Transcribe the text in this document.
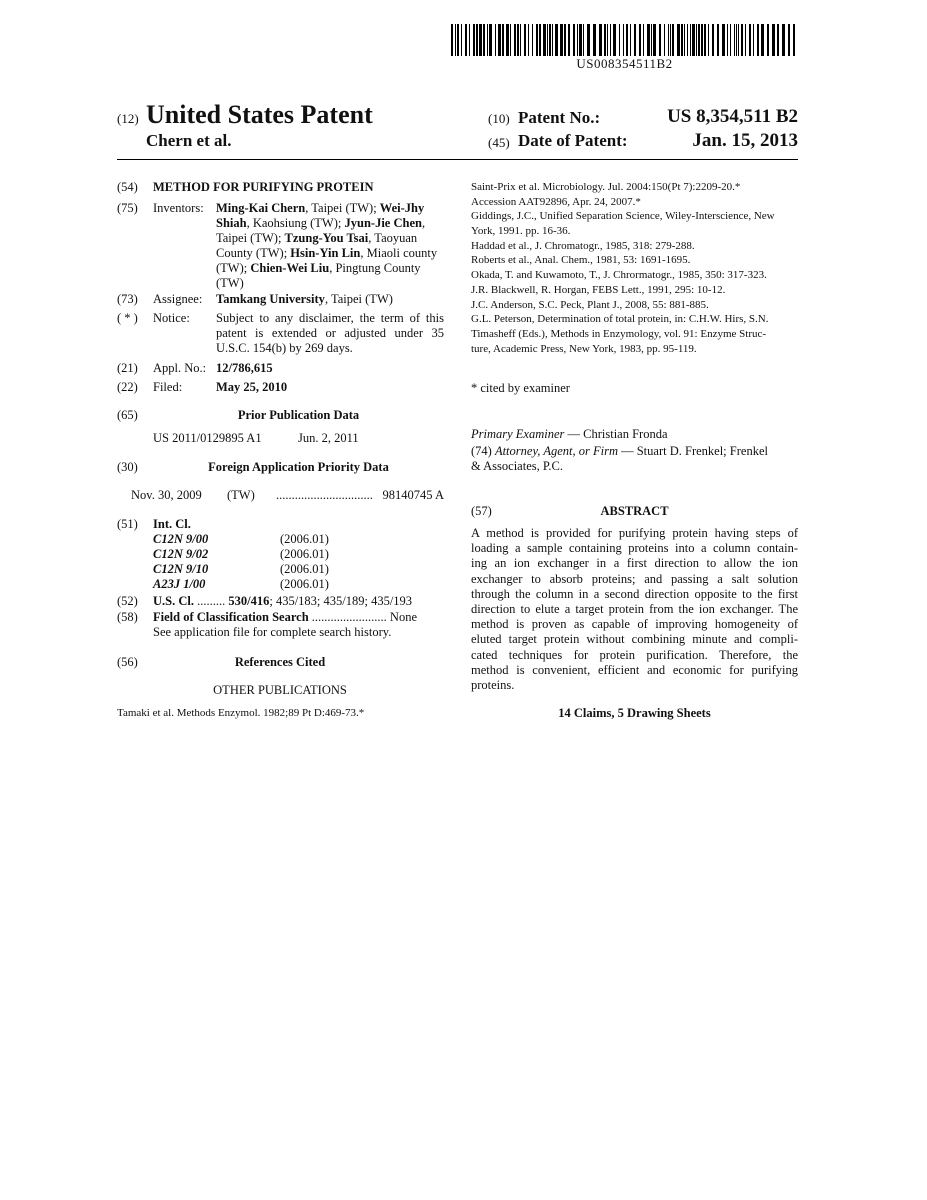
US008354511B2
(12) United States Patent
Chern et al.
(10) Patent No.:	US 8,354,511 B2
(45) Date of Patent:	Jan. 15, 2013
(54) METHOD FOR PURIFYING PROTEIN
(75) Inventors: Ming-Kai Chern, Taipei (TW); Wei-Jhy Shiah, Kaohsiung (TW); Jyun-Jie Chen, Taipei (TW); Tzung-You Tsai, Taoyuan County (TW); Hsin-Yin Lin, Miaoli county (TW); Chien-Wei Liu, Pingtung County (TW)
(73) Assignee: Tamkang University, Taipei (TW)
( * ) Notice: Subject to any disclaimer, the term of this patent is extended or adjusted under 35 U.S.C. 154(b) by 269 days.
(21) Appl. No.: 12/786,615
(22) Filed:	May 25, 2010
(65)	Prior Publication Data
US 2011/0129895 A1	Jun. 2, 2011
(30)	Foreign Application Priority Data
Nov. 30, 2009 (TW) ............................... 98140745 A
(51) Int. Cl.
C12N 9/00	(2006.01)
C12N 9/02	(2006.01)
C12N 9/10	(2006.01)
A23J 1/00	(2006.01)
(52) U.S. Cl. ......... 530/416; 435/183; 435/189; 435/193
(58) Field of Classification Search ........................ None
See application file for complete search history.
(56)	References Cited
OTHER PUBLICATIONS
Tamaki et al. Methods Enzymol. 1982;89 Pt D:469-73.*
Saint-Prix et al. Microbiology. Jul. 2004:150(Pt 7):2209-20.*
Accession AAT92896, Apr. 24, 2007.*
Giddings, J.C., Unified Separation Science, Wiley-Interscience, New
York, 1991. pp. 16-36.
Haddad et al., J. Chromatogr., 1985, 318: 279-288.
Roberts et al., Anal. Chem., 1981, 53: 1691-1695.
Okada, T. and Kuwamoto, T., J. Chrormatogr., 1985, 350: 317-323.
J.R. Blackwell, R. Horgan, FEBS Lett., 1991, 295: 10-12.
J.C. Anderson, S.C. Peck, Plant J., 2008, 55: 881-885.
G.L. Peterson, Determination of total protein, in: C.H.W. Hirs, S.N.
Timasheff (Eds.), Methods in Enzymology, vol. 91: Enzyme Struc-
ture, Academic Press, New York, 1983, pp. 95-119.
* cited by examiner
Primary Examiner — Christian Fronda
(74) Attorney, Agent, or Firm — Stuart D. Frenkel; Frenkel
& Associates, P.C.
(57)	ABSTRACT
A method is provided for purifying protein having steps of
loading a sample containing proteins into a column contain-
ing an ion exchanger in a first direction to allow the ion
exchanger to absorb proteins; and passing a salt solution
through the column in a second direction opposite to the first
direction to elute a target protein from the ion exchanger. The
method is proven as capable of improving homogeneity of
eluted target protein without combining minute and compli-
cated techniques for protein purification. Therefore, the
method is convenient, efficient and economic for purifying
proteins.
14 Claims, 5 Drawing Sheets
